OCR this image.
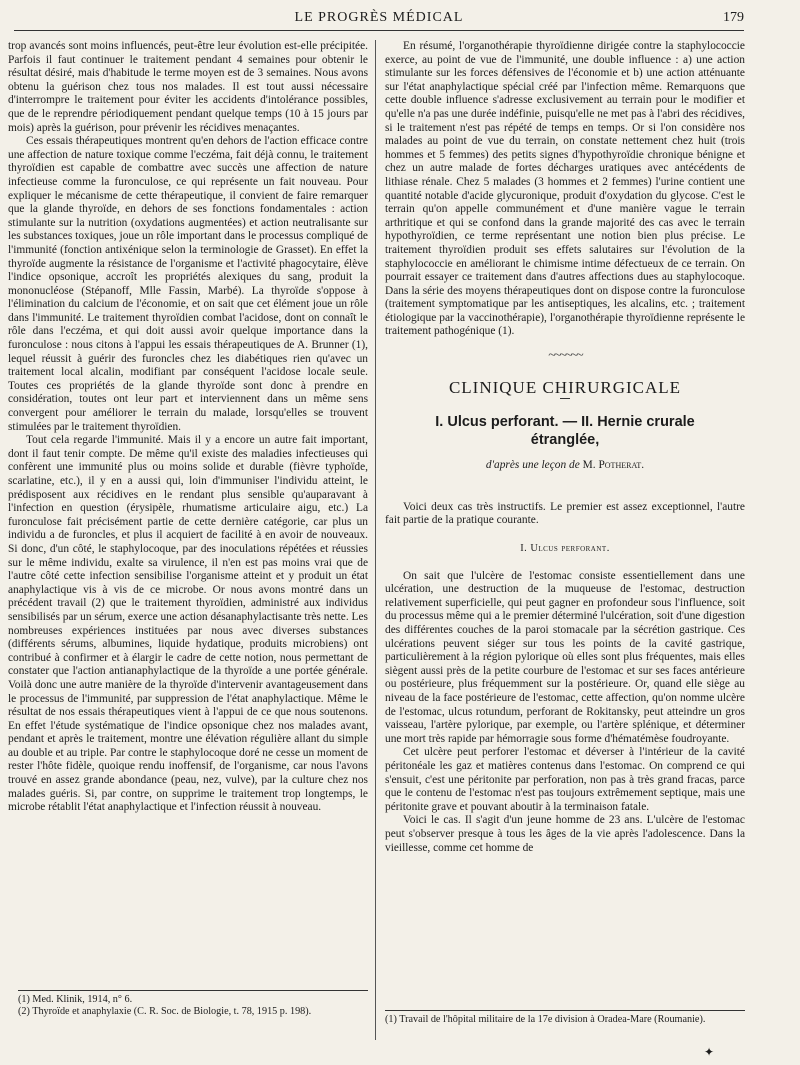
LE PROGRÈS MÉDICAL	179

trop avancés sont moins influencés, peut-être leur évolution est-elle précipitée. Parfois il faut continuer le traitement pendant 4 semaines pour obtenir le résultat désiré, mais d'habitude le terme moyen est de 3 semaines. Nous avons obtenu la guérison chez tous nos malades. Il est tout aussi nécessaire d'interrompre le traitement pour éviter les accidents d'intolérance possibles, que de le reprendre périodiquement pendant quelque temps (10 à 15 jours par mois) après la guérison, pour prévenir les récidives menaçantes.

Ces essais thérapeutiques montrent qu'en dehors de l'action efficace contre une affection de nature toxique comme l'eczéma, fait déjà connu, le traitement thyroïdien est capable de combattre avec succès une affection de nature infectieuse comme la furonculose, ce qui représente un fait nouveau. Pour expliquer le mécanisme de cette thérapeutique, il convient de faire remarquer que la glande thyroïde, en dehors de ses fonctions fondamentales : action stimulante sur la nutrition (oxydations augmentées) et action neutralisante sur les substances toxiques, joue un rôle important dans le processus compliqué de l'immunité (fonction antixénique selon la terminologie de Grasset). En effet la thyroïde augmente la résistance de l'organisme et l'activité phagocytaire, élève l'indice opsonique, accroît les propriétés alexiques du sang, produit la mononucléose (Stépanoff, Mlle Fassin, Marbé). La thyroïde s'oppose à l'élimination du calcium de l'économie, et on sait que cet élément joue un rôle dans l'immunité. Le traitement thyroïdien combat l'acidose, dont on connaît le rôle dans l'eczéma, et qui doit aussi avoir quelque importance dans la furonculose : nous citons à l'appui les essais thérapeutiques de A. Brunner (1), lequel réussit à guérir des furoncles chez les diabétiques rien qu'avec un traitement local alcalin, modifiant par conséquent l'acidose locale seule. Toutes ces propriétés de la glande thyroïde sont donc à prendre en considération, toutes ont leur part et interviennent dans un même sens convergent pour améliorer le terrain du malade, lorsqu'elles se trouvent stimulées par le traitement thyroïdien.

Tout cela regarde l'immunité. Mais il y a encore un autre fait important, dont il faut tenir compte. De même qu'il existe des maladies infectieuses qui confèrent une immunité plus ou moins solide et durable (fièvre typhoïde, scarlatine, etc.), il y en a aussi qui, loin d'immuniser l'individu atteint, le prédisposent aux récidives en le rendant plus sensible qu'auparavant à l'infection en question (érysipèle, rhumatisme articulaire aigu, etc.) La furonculose fait précisément partie de cette dernière catégorie, car plus un individu a de furoncles, et plus il acquiert de facilité à en avoir de nouveaux. Si donc, d'un côté, le staphylocoque, par des inoculations répétées et réussies sur le même individu, exalte sa virulence, il n'en est pas moins vrai que de l'autre côté cette infection sensibilise l'organisme atteint et y produit un état anaphylactique vis à vis de ce microbe. Or nous avons montré dans un précédent travail (2) que le traitement thyroïdien, administré aux individus sensibilisés par un sérum, exerce une action désanaphylactisante très nette. Les nombreuses expériences instituées par nous avec diverses substances (différents sérums, albumines, liquide hydatique, produits microbiens) ont contribué à confirmer et à élargir le cadre de cette notion, nous permettant de constater que l'action antianaphylactique de la thyroïde a une portée générale. Voilà donc une autre manière de la thyroïde d'intervenir avantageusement dans le processus de l'immunité, par suppression de l'état anaphylactique. Même le résultat de nos essais thérapeutiques vient à l'appui de ce que nous soutenons. En effet l'étude systématique de l'indice opsonique chez nos malades avant, pendant et après le traitement, montre une élévation régulière allant du simple au double et au triple. Par contre le staphylocoque doré ne cesse un moment de rester l'hôte fidèle, quoique rendu inoffensif, de l'organisme, car nous l'avons trouvé en assez grande abondance (peau, nez, vulve), par la culture chez nos malades guéris. Si, par contre, on supprime le traitement trop longtemps, le microbe rétablit l'état anaphylactique et l'infection réussit à nouveau.

(1) Med. Klinik, 1914, n° 6.

(2) Thyroïde et anaphylaxie (C. R. Soc. de Biologie, t. 78, 1915 p. 198).

En résumé, l'organothérapie thyroïdienne dirigée contre la staphylococcie exerce, au point de vue de l'immunité, une double influence : a) une action stimulante sur les forces défensives de l'économie et b) une action atténuante sur l'état anaphylactique spécial créé par l'infection même. Remarquons que cette double influence s'adresse exclusivement au terrain pour le modifier et qu'elle n'a pas une durée indéfinie, puisqu'elle ne met pas à l'abri des récidives, si le traitement n'est pas répété de temps en temps. Or si l'on considère nos malades au point de vue du terrain, on constate nettement chez huit (trois hommes et 5 femmes) des petits signes d'hypothyroïdie chronique bénigne et chez un autre malade de fortes décharges uratiques avec antécédents de lithiase rénale. Chez 5 malades (3 hommes et 2 femmes) l'urine contient une quantité notable d'acide glycuronique, produit d'oxydation du glycose. C'est le terrain qu'on appelle communément et d'une manière vague le terrain arthritique et qui se confond dans la grande majorité des cas avec le terrain hypothyroïdien, ce terme représentant une notion bien plus précise. Le traitement thyroïdien produit ses effets salutaires sur l'évolution de la staphylococcie en améliorant le chimisme intime défectueux de ce terrain. On pourrait essayer ce traitement dans d'autres affections dues au staphylocoque. Dans la série des moyens thérapeutiques dont on dispose contre la furonculose (traitement symptomatique par les antiseptiques, les alcalins, etc. ; traitement étiologique par la vaccinothérapie), l'organothérapie thyroïdienne représente le traitement pathogénique (1).

~~~~~~
CLINIQUE CHIRURGICALE
I. Ulcus perforant. — II. Hernie crurale
étranglée,
d'après une leçon de M. Potherat.

Voici deux cas très instructifs. Le premier est assez exceptionnel, l'autre fait partie de la pratique courante.

I. Ulcus perforant.

On sait que l'ulcère de l'estomac consiste essentiellement dans une ulcération, une destruction de la muqueuse de l'estomac, destruction relativement superficielle, qui peut gagner en profondeur sous l'influence, soit du processus même qui a le premier déterminé l'ulcération, soit d'une digestion des différentes couches de la paroi stomacale par la sécrétion gastrique. Ces ulcérations peuvent siéger sur tous les points de la cavité gastrique, particulièrement à la région pylorique où elles sont plus fréquentes, mais elles siègent aussi près de la petite courbure de l'estomac et sur ses faces antérieure ou postérieure, plus fréquemment sur la postérieure. Or, quand elle siège au niveau de la face postérieure de l'estomac, cette affection, qu'on nomme ulcère de l'estomac, ulcus rotundum, perforant de Rokitansky, peut atteindre un gros vaisseau, l'artère pylorique, par exemple, ou l'artère splénique, et déterminer une mort très rapide par hémorragie sous forme d'hématémèse foudroyante.

Cet ulcère peut perforer l'estomac et déverser à l'intérieur de la cavité péritonéale les gaz et matières contenus dans l'estomac. On comprend ce qui s'ensuit, c'est une péritonite par perforation, non pas à très grand fracas, parce que le contenu de l'estomac n'est pas toujours extrêmement septique, mais une péritonite grave et pouvant aboutir à la terminaison fatale.

Voici le cas. Il s'agit d'un jeune homme de 23 ans. L'ulcère de l'estomac peut s'observer presque à tous les âges de la vie après l'adolescence. Dans la vieillesse, comme cet homme de

(1) Travail de l'hôpital militaire de la 17e division à Oradea-Mare (Roumanie).

✦
